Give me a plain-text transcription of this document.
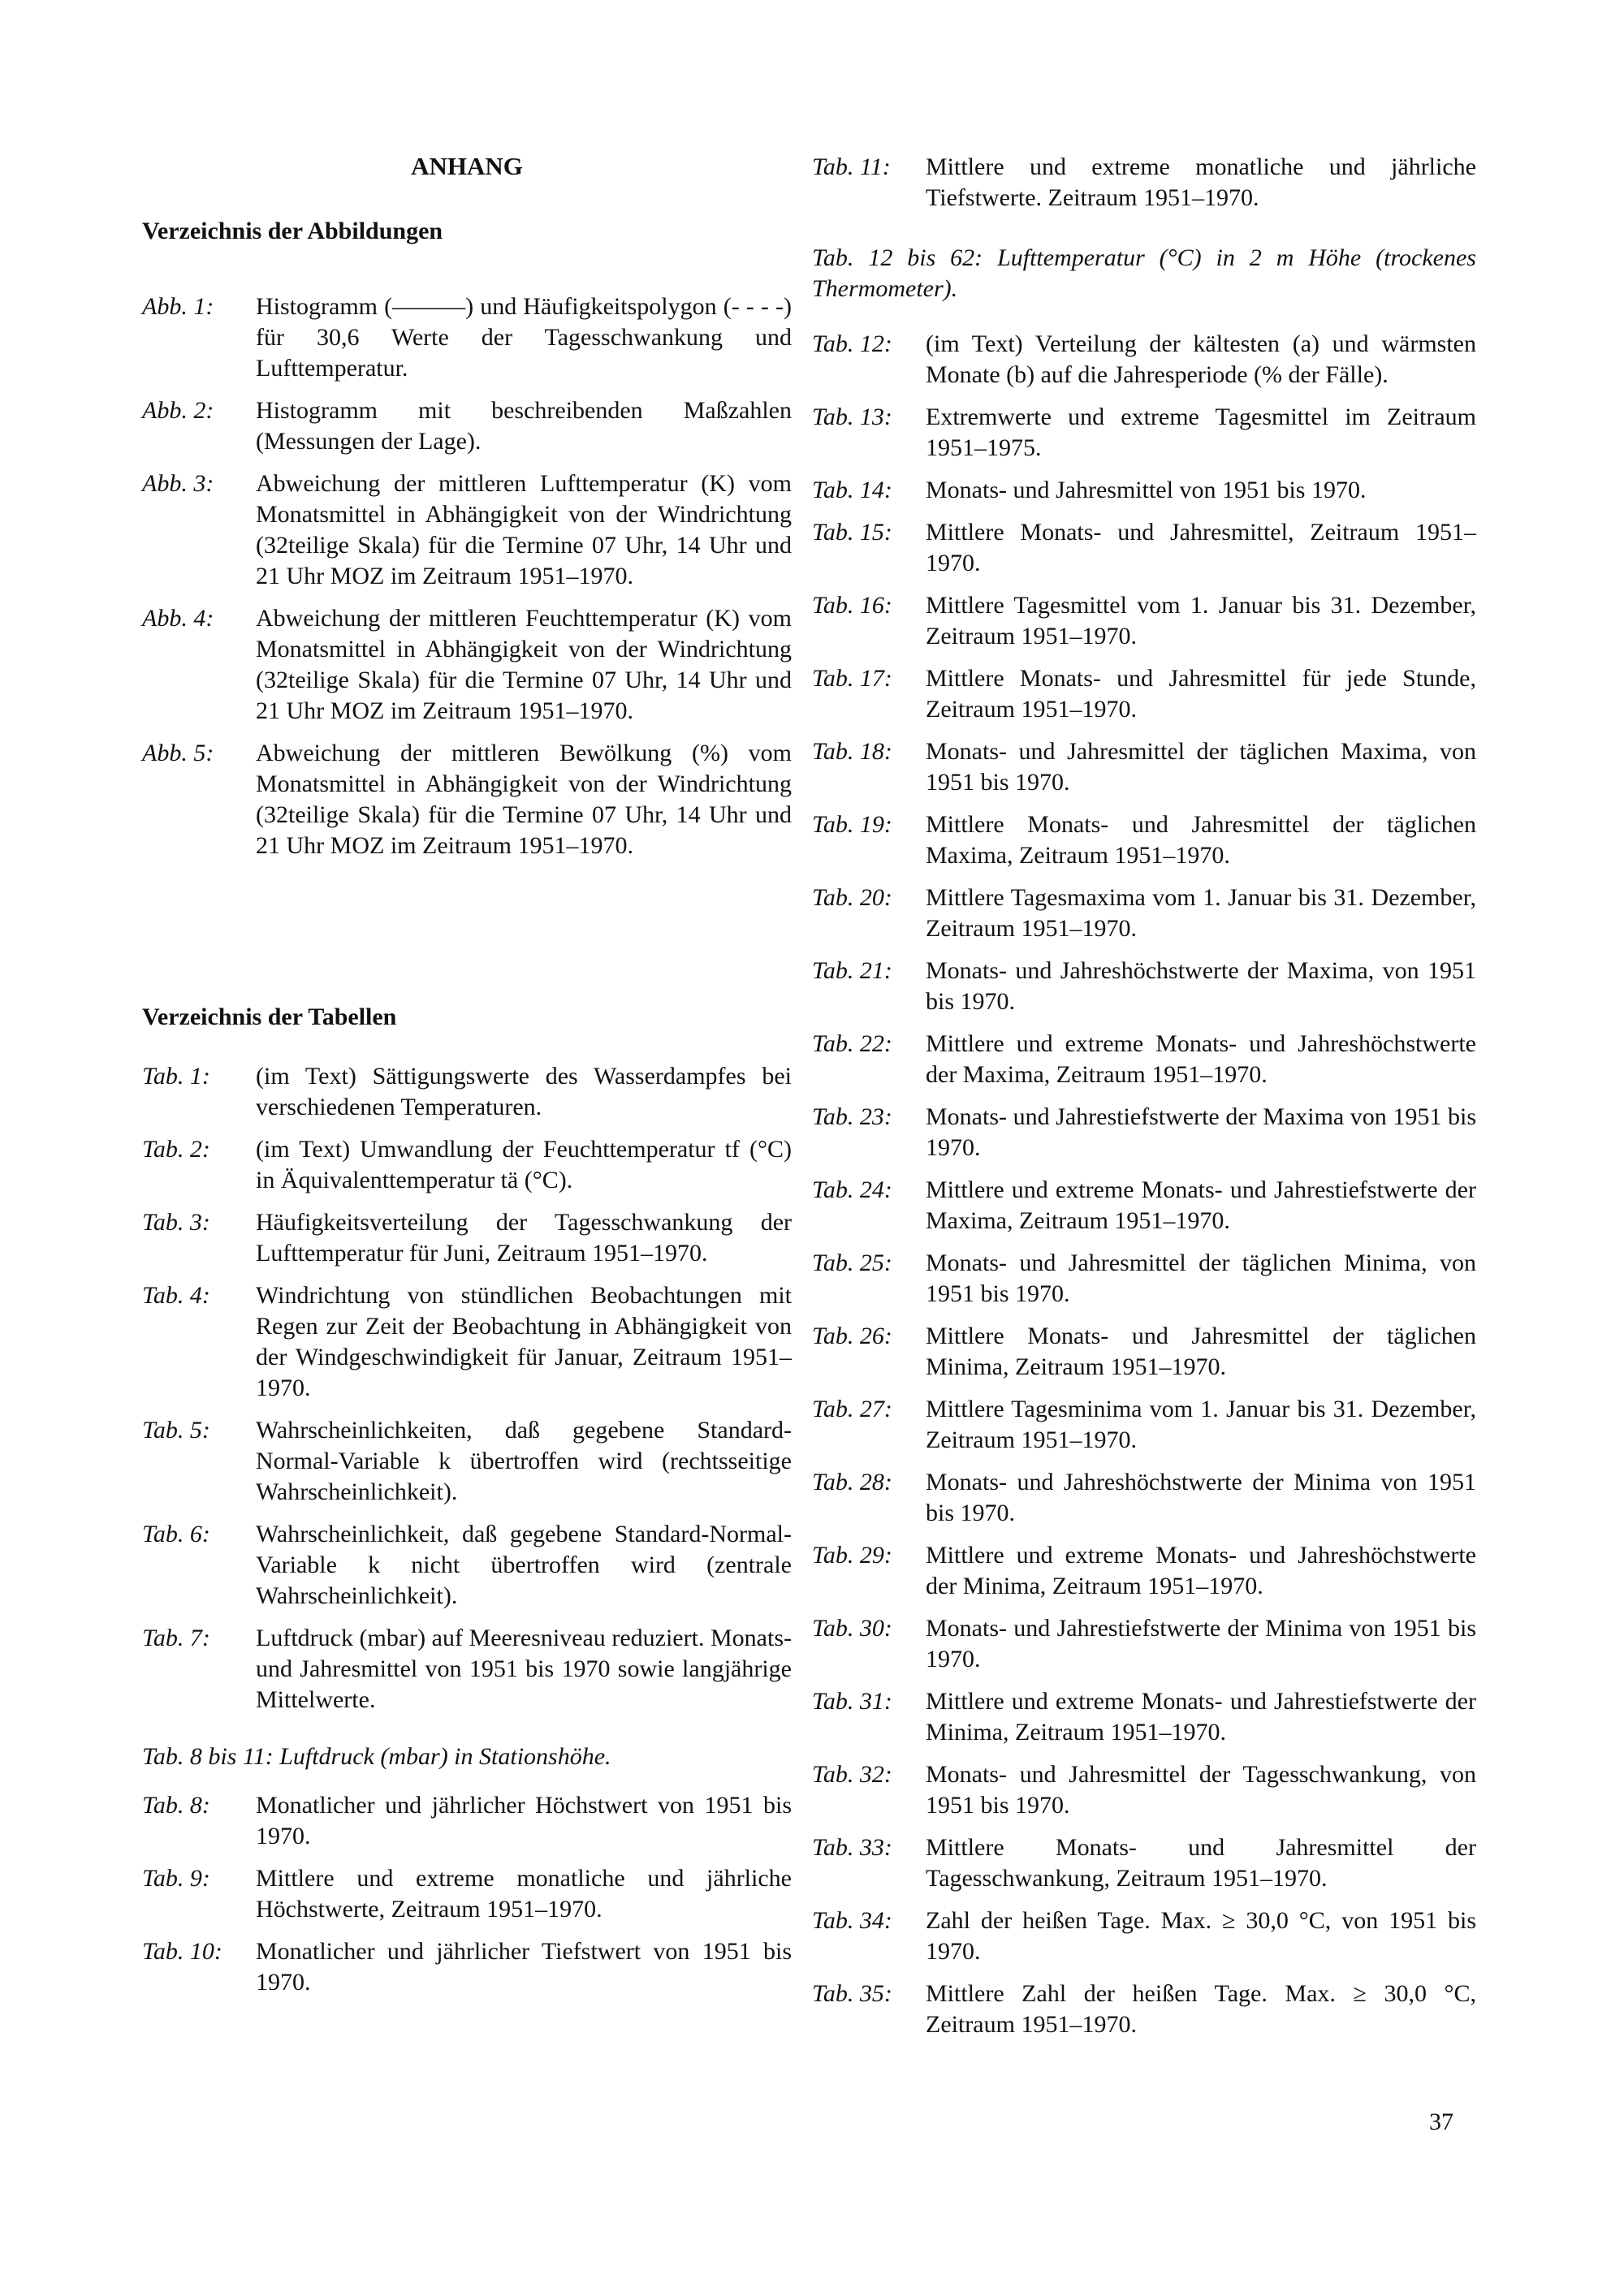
ANHANG
Verzeichnis der Abbildungen
Abb. 1:	Histogramm (———) und Häufigkeitspolygon (- - - -) für 30,6 Werte der Tagesschwankung und Lufttemperatur.
Abb. 2:	Histogramm mit beschreibenden Maßzahlen (Messungen der Lage).
Abb. 3:	Abweichung der mittleren Lufttemperatur (K) vom Monatsmittel in Abhängigkeit von der Windrichtung (32teilige Skala) für die Termine 07 Uhr, 14 Uhr und 21 Uhr MOZ im Zeitraum 1951–1970.
Abb. 4:	Abweichung der mittleren Feuchttemperatur (K) vom Monatsmittel in Abhängigkeit von der Windrichtung (32teilige Skala) für die Termine 07 Uhr, 14 Uhr und 21 Uhr MOZ im Zeitraum 1951–1970.
Abb. 5:	Abweichung der mittleren Bewölkung (%) vom Monatsmittel in Abhängigkeit von der Windrichtung (32teilige Skala) für die Termine 07 Uhr, 14 Uhr und 21 Uhr MOZ im Zeitraum 1951–1970.
Verzeichnis der Tabellen
Tab. 1:	(im Text) Sättigungswerte des Wasserdampfes bei verschiedenen Temperaturen.
Tab. 2:	(im Text) Umwandlung der Feuchttemperatur tf (°C) in Äquivalenttemperatur tä (°C).
Tab. 3:	Häufigkeitsverteilung der Tagesschwankung der Lufttemperatur für Juni, Zeitraum 1951–1970.
Tab. 4:	Windrichtung von stündlichen Beobachtungen mit Regen zur Zeit der Beobachtung in Abhängigkeit von der Windgeschwindigkeit für Januar, Zeitraum 1951–1970.
Tab. 5:	Wahrscheinlichkeiten, daß gegebene Standard-Normal-Variable k übertroffen wird (rechtsseitige Wahrscheinlichkeit).
Tab. 6:	Wahrscheinlichkeit, daß gegebene Standard-Normal-Variable k nicht übertroffen wird (zentrale Wahrscheinlichkeit).
Tab. 7:	Luftdruck (mbar) auf Meeresniveau reduziert. Monats- und Jahresmittel von 1951 bis 1970 sowie langjährige Mittelwerte.
Tab. 8 bis 11: Luftdruck (mbar) in Stationshöhe.
Tab. 8:	Monatlicher und jährlicher Höchstwert von 1951 bis 1970.
Tab. 9:	Mittlere und extreme monatliche und jährliche Höchstwerte, Zeitraum 1951–1970.
Tab. 10:	Monatlicher und jährlicher Tiefstwert von 1951 bis 1970.
Tab. 11:	Mittlere und extreme monatliche und jährliche Tiefstwerte. Zeitraum 1951–1970.
Tab. 12 bis 62: Lufttemperatur (°C) in 2 m Höhe (trockenes Thermometer).
Tab. 12:	(im Text) Verteilung der kältesten (a) und wärmsten Monate (b) auf die Jahresperiode (% der Fälle).
Tab. 13:	Extremwerte und extreme Tagesmittel im Zeitraum 1951–1975.
Tab. 14:	Monats- und Jahresmittel von 1951 bis 1970.
Tab. 15:	Mittlere Monats- und Jahresmittel, Zeitraum 1951–1970.
Tab. 16:	Mittlere Tagesmittel vom 1. Januar bis 31. Dezember, Zeitraum 1951–1970.
Tab. 17:	Mittlere Monats- und Jahresmittel für jede Stunde, Zeitraum 1951–1970.
Tab. 18:	Monats- und Jahresmittel der täglichen Maxima, von 1951 bis 1970.
Tab. 19:	Mittlere Monats- und Jahresmittel der täglichen Maxima, Zeitraum 1951–1970.
Tab. 20:	Mittlere Tagesmaxima vom 1. Januar bis 31. Dezember, Zeitraum 1951–1970.
Tab. 21:	Monats- und Jahreshöchstwerte der Maxima, von 1951 bis 1970.
Tab. 22:	Mittlere und extreme Monats- und Jahreshöchstwerte der Maxima, Zeitraum 1951–1970.
Tab. 23:	Monats- und Jahrestiefstwerte der Maxima von 1951 bis 1970.
Tab. 24:	Mittlere und extreme Monats- und Jahrestiefstwerte der Maxima, Zeitraum 1951–1970.
Tab. 25:	Monats- und Jahresmittel der täglichen Minima, von 1951 bis 1970.
Tab. 26:	Mittlere Monats- und Jahresmittel der täglichen Minima, Zeitraum 1951–1970.
Tab. 27:	Mittlere Tagesminima vom 1. Januar bis 31. Dezember, Zeitraum 1951–1970.
Tab. 28:	Monats- und Jahreshöchstwerte der Minima von 1951 bis 1970.
Tab. 29:	Mittlere und extreme Monats- und Jahreshöchstwerte der Minima, Zeitraum 1951–1970.
Tab. 30:	Monats- und Jahrestiefstwerte der Minima von 1951 bis 1970.
Tab. 31:	Mittlere und extreme Monats- und Jahrestiefstwerte der Minima, Zeitraum 1951–1970.
Tab. 32:	Monats- und Jahresmittel der Tagesschwankung, von 1951 bis 1970.
Tab. 33:	Mittlere Monats- und Jahresmittel der Tagesschwankung, Zeitraum 1951–1970.
Tab. 34:	Zahl der heißen Tage. Max. ≥ 30,0 °C, von 1951 bis 1970.
Tab. 35:	Mittlere Zahl der heißen Tage. Max. ≥ 30,0 °C, Zeitraum 1951–1970.
37
